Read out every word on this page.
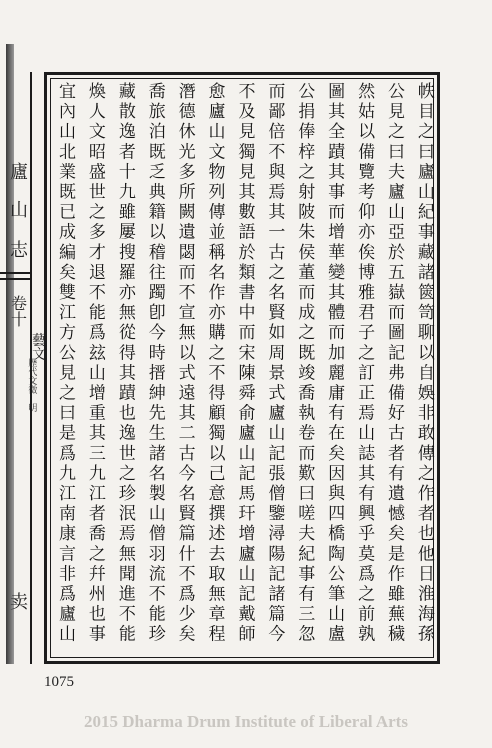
廬
山
志
卷十
藝文
卖	帙目之曰廬山紀事藏諸篋笥聊以自娛非敢傳之作者也他日淮海孫
公見之曰夫廬山亞於五嶽而圖記弗備好古者有遺憾矣是作雖蕪穢
然姑以備覽考仰亦俟博雅君子之訂正焉山誌其有興乎莫爲之前孰
圖其全蹟其事而增華變其體而加麗庸有在矣因與四橋陶公筆山盧
公捐俸梓之射陂朱侯董而成之既竣喬執卷而歎曰嗟夫紀事有三忽
而鄙倍不與焉其一古之名賢如周景式廬山記張僧鑒潯陽記諸篇今
不及見獨見其數語於類書中而宋陳舜俞廬山記馬玕增廬山記戴師
愈廬山文物列傳並稱名作亦購之不得顧獨以己意撰述去取無章程
潛德休光多所闕遺閟而不宣無以式遠其二古今名賢篇什不爲少矣
喬旅泊既乏典籍以稽往躅卽今時搢紳先生諸名製山僧羽流不能珍
藏散逸者十九雖屢搜羅亦無從得其蹟也逸世之珍泯焉無聞進不能
煥人文昭盛世之多才退不能爲玆山增重其三九江者喬之幷州也事
宜內山北業既已成編矣雙江方公見之曰是爲九江南康言非爲廬山
1075
2015 Dharma Drum Institute of Liberal Arts
